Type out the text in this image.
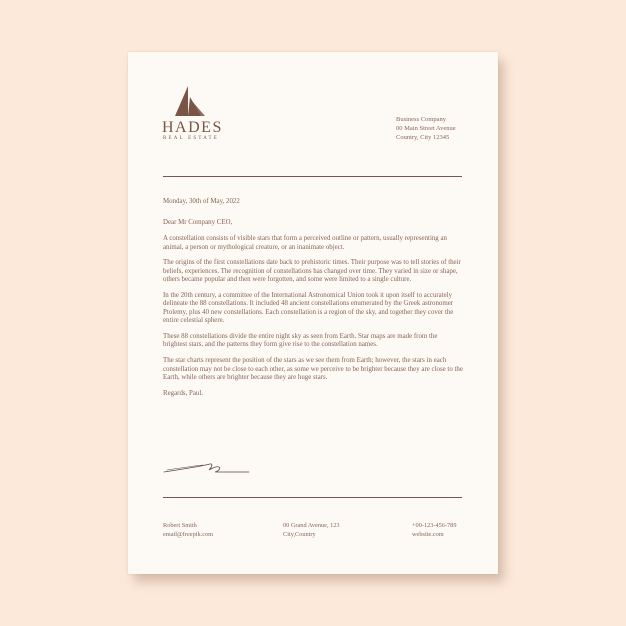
HADES
REAL ESTATE
Business Company
00 Main Street Avenue
Country, City 12345

Monday, 30th of May, 2022

Dear Mr Company CEO,

A constellation consists of visible stars that form a perceived outline or pattern, usually representing an animal, a person or mythological creature, or an inanimate object.

The origins of the first constellations date back to prehistoric times. Their purpose was to tell stories of their beliefs, experiences. The recognition of constellations has changed over time. They varied in size or shape, others became popular and then were forgotten, and some were limited to a single culture.

In the 20th century, a committee of the International Astronomical Union took it upon itself to accurately delineate the 88 constellations. It included 48 ancient constellations enumerated by the Greek astronomer Ptolemy, plus 40 new constellations. Each constellation is a region of the sky, and together they cover the entire celestial sphere.

These 88 constellations divide the entire night sky as seen from Earth. Star maps are made from the brightest stars, and the patterns they form give rise to the constellation names.

The star charts represent the position of the stars as we see them from Earth; however, the stars in each constellation may not be close to each other, as some we perceive to be brighter because they are close to the Earth, while others are brighter because they are huge stars.

Regards, Paul.

Robert Smith
email@freepik.com
00 Grand Avenue, 123
City,Country
+00-123-456-789
website.com
